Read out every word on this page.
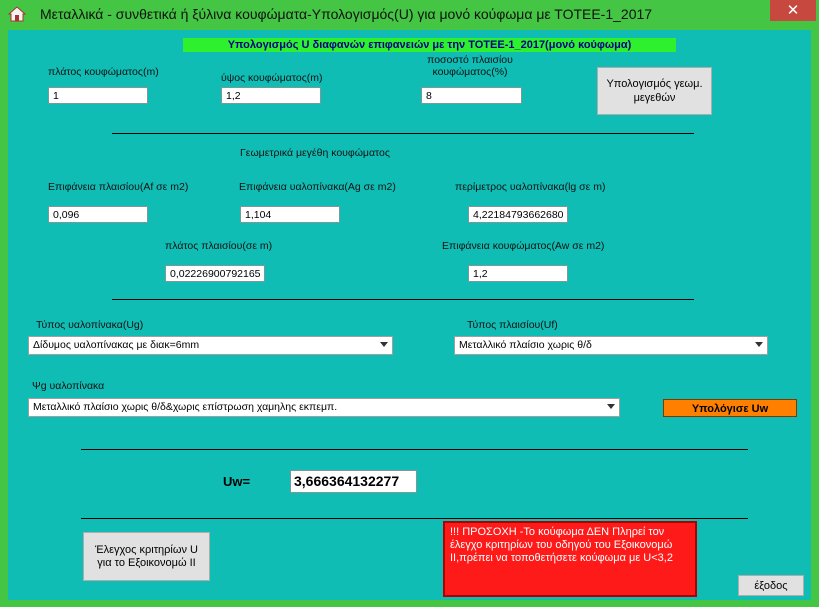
Μεταλλικά - συνθετικά ή ξύλινα κουφώματα-Υπολογισμός(U) για μονό κούφωμα με ΤΟΤΕΕ-1_2017	✕
Υπολογισμός U διαφανών επιφανειών με την ΤΟΤΕΕ-1_2017(μονό κούφωμα)
πλάτος κουφώματος(m)
1	ύψος κουφώματος(m)
1,2
ποσοστό πλαισίου
κουφώματος(%)
8
Υπολογισμός γεωμ. μεγεθών
Γεωμετρικά μεγέθη κουφώματος
Επιφάνεια πλαισίου(Af σε m2)
0,096	Επιφάνεια υαλοπίνακα(Ag σε m2)
1,104	περίμετρος υαλοπίνακα(lg σε m)
4,22184793662680
πλάτος πλαισίου(σε m)
0,02226900792165	Επιφάνεια κουφώματος(Aw σε m2)
1,2
Τύπος υαλοπίνακα(Ug)
Δίδυμος υαλοπίνακας με διακ=6mm
Τύπος πλαισίου(Uf)
Μεταλλικό πλαίσιο χωρις θ/δ
Ψg υαλοπίνακα
Μεταλλικό πλαίσιο χωρις θ/δ&χωρις επίστρωση χαμηλης εκπεμπ.	Υπολόγισε Uw
Uw=	3,666364132277
Έλεγχος κριτηρίων U για το Εξοικονομώ ΙΙ
!!! ΠΡΟΣΟΧΗ -Το κούφωμα ΔΕΝ Πληρεί τον έλεγχο κριτηρίων του οδηγού του Εξοικονομώ ΙΙ,πρέπει να τοποθετήσετε κούφωμα με U<3,2
έξοδος
